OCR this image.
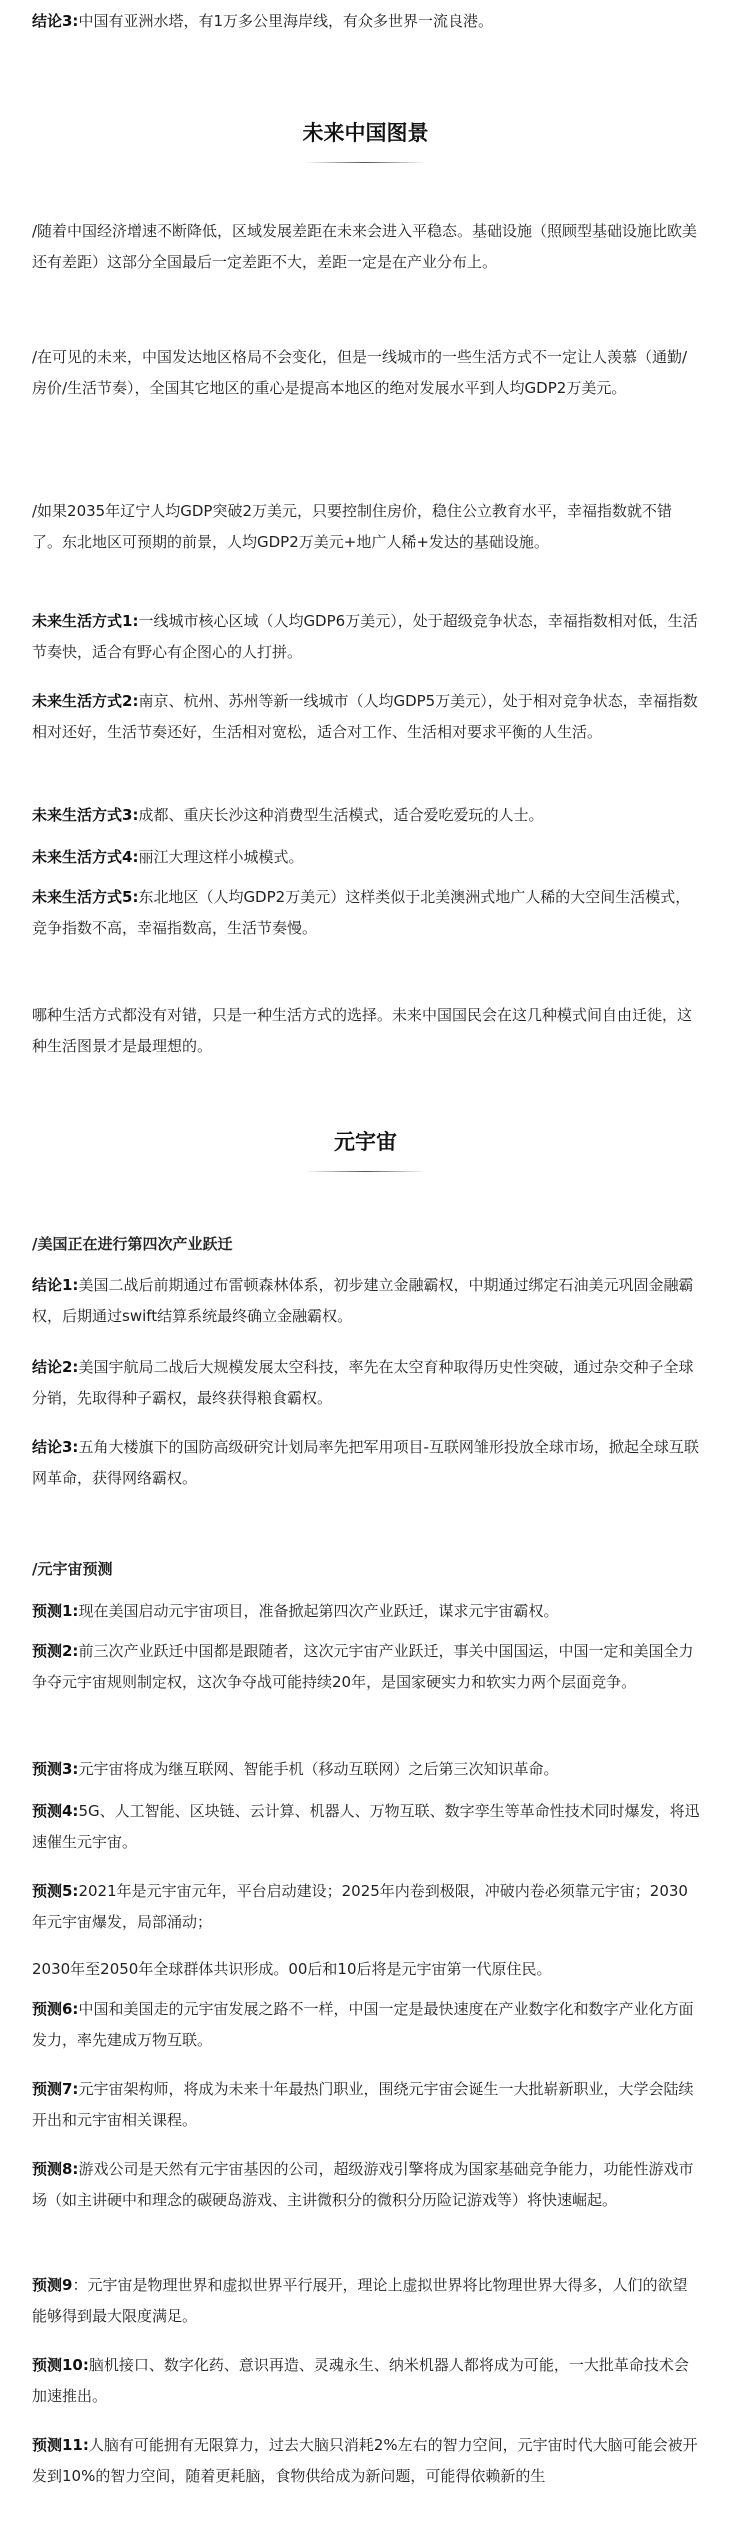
结论3:中国有亚洲水塔，有1万多公里海岸线，有众多世界一流良港。

未来中国图景

/随着中国经济增速不断降低，区域发展差距在未来会进入平稳态。基础设施（照顾型基础设施比欧美还有差距）这部分全国最后一定差距不大，差距一定是在产业分布上。

/在可见的未来，中国发达地区格局不会变化，但是一线城市的一些生活方式不一定让人羡慕（通勤/房价/生活节奏），全国其它地区的重心是提高本地区的绝对发展水平到人均GDP2万美元。

/如果2035年辽宁人均GDP突破2万美元，只要控制住房价，稳住公立教育水平，幸福指数就不错了。东北地区可预期的前景，人均GDP2万美元+地广人稀+发达的基础设施。

未来生活方式1:一线城市核心区域（人均GDP6万美元），处于超级竞争状态，幸福指数相对低，生活节奏快，适合有野心有企图心的人打拼。

未来生活方式2:南京、杭州、苏州等新一线城市（人均GDP5万美元），处于相对竞争状态，幸福指数相对还好，生活节奏还好，生活相对宽松，适合对工作、生活相对要求平衡的人生活。

未来生活方式3:成都、重庆长沙这种消费型生活模式，适合爱吃爱玩的人士。

未来生活方式4:丽江大理这样小城模式。

未来生活方式5:东北地区（人均GDP2万美元）这样类似于北美澳洲式地广人稀的大空间生活模式，竞争指数不高，幸福指数高，生活节奏慢。

哪种生活方式都没有对错，只是一种生活方式的选择。未来中国国民会在这几种模式间自由迁徙，这种生活图景才是最理想的。

元宇宙

/美国正在进行第四次产业跃迁

结论1:美国二战后前期通过布雷顿森林体系，初步建立金融霸权，中期通过绑定石油美元巩固金融霸权，后期通过swift结算系统最终确立金融霸权。

结论2:美国宇航局二战后大规模发展太空科技，率先在太空育种取得历史性突破，通过杂交种子全球分销，先取得种子霸权，最终获得粮食霸权。

结论3:五角大楼旗下的国防高级研究计划局率先把军用项目-互联网雏形投放全球市场，掀起全球互联网革命，获得网络霸权。

/元宇宙预测

预测1:现在美国启动元宇宙项目，准备掀起第四次产业跃迁，谋求元宇宙霸权。

预测2:前三次产业跃迁中国都是跟随者，这次元宇宙产业跃迁，事关中国国运，中国一定和美国全力争夺元宇宙规则制定权，这次争夺战可能持续20年，是国家硬实力和软实力两个层面竞争。

预测3:元宇宙将成为继互联网、智能手机（移动互联网）之后第三次知识革命。

预测4:5G、人工智能、区块链、云计算、机器人、万物互联、数字孪生等革命性技术同时爆发，将迅速催生元宇宙。

预测5:2021年是元宇宙元年，平台启动建设；2025年内卷到极限，冲破内卷必须靠元宇宙；2030年元宇宙爆发，局部涌动；

2030年至2050年全球群体共识形成。00后和10后将是元宇宙第一代原住民。

预测6:中国和美国走的元宇宙发展之路不一样，中国一定是最快速度在产业数字化和数字产业化方面发力，率先建成万物互联。

预测7:元宇宙架构师，将成为未来十年最热门职业，围绕元宇宙会诞生一大批崭新职业，大学会陆续开出和元宇宙相关课程。

预测8:游戏公司是天然有元宇宙基因的公司，超级游戏引擎将成为国家基础竞争能力，功能性游戏市场（如主讲硬中和理念的碳硬岛游戏、主讲微积分的微积分历险记游戏等）将快速崛起。

预测9：元宇宙是物理世界和虚拟世界平行展开，理论上虚拟世界将比物理世界大得多，人们的欲望能够得到最大限度满足。

预测10:脑机接口、数字化药、意识再造、灵魂永生、纳米机器人都将成为可能，一大批革命技术会加速推出。

预测11:人脑有可能拥有无限算力，过去大脑只消耗2%左右的智力空间，元宇宙时代大脑可能会被开发到10%的智力空间，随着更耗脑，食物供给成为新问题，可能得依赖新的生
